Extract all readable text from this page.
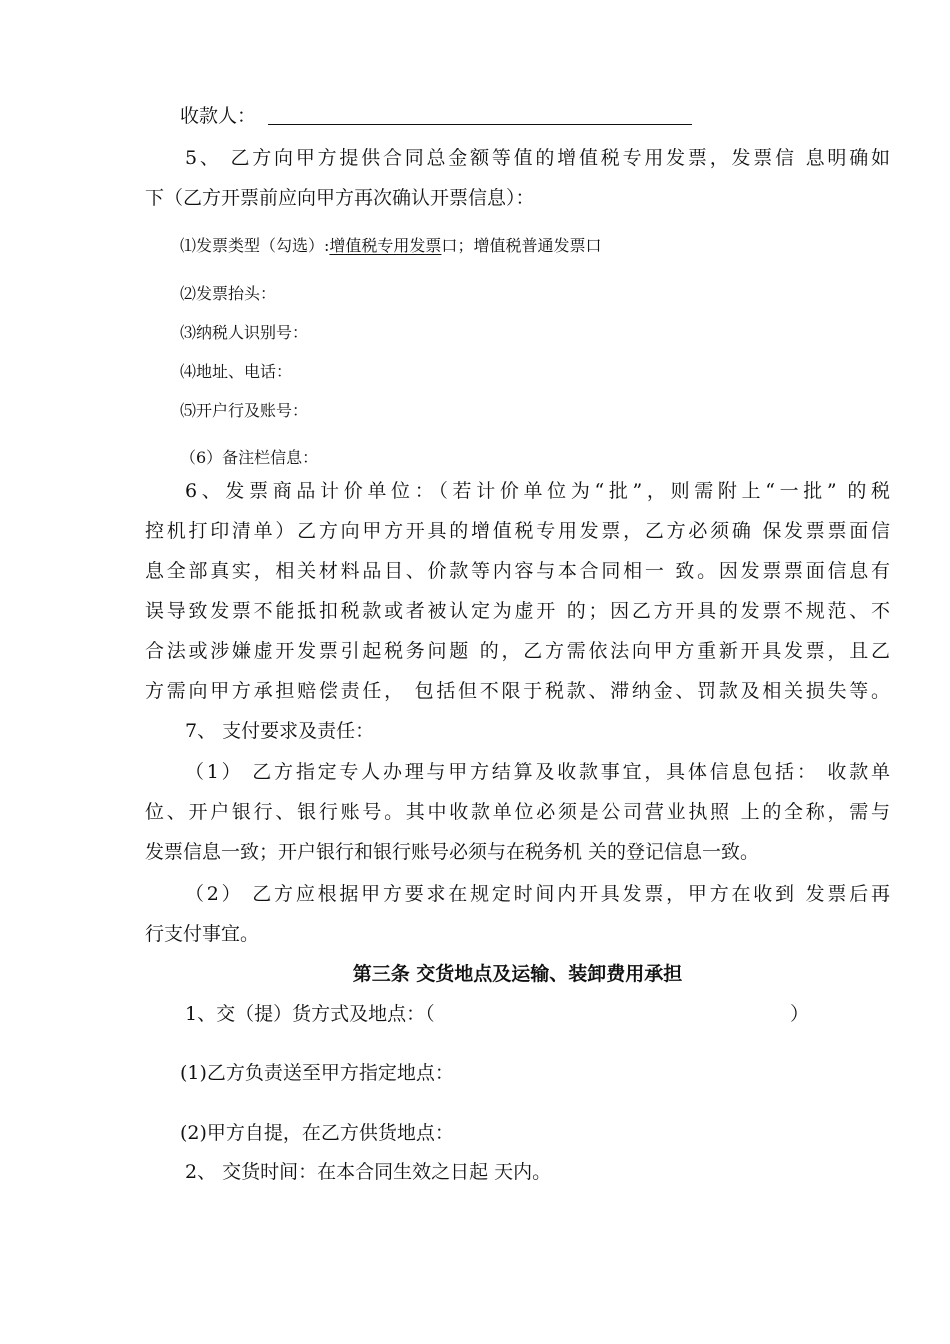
收款人：
5、 乙方向甲方提供合同总金额等值的增值税专用发票，发票信 息明确如
下（乙方开票前应向甲方再次确认开票信息）：
⑴发票类型（勾选）:增值税专用发票口；增值税普通发票口
⑵发票抬头：
⑶纳税人识别号：
⑷地址、电话：
⑸开户行及账号：
（6）备注栏信息：
6、发票商品计价单位：（若计价单位为“批”，则需附上“一批” 的税
控机打印清单）乙方向甲方开具的增值税专用发票，乙方必须确 保发票票面信
息全部真实，相关材料品目、价款等内容与本合同相一 致。因发票票面信息有
误导致发票不能抵扣税款或者被认定为虚开 的；因乙方开具的发票不规范、不
合法或涉嫌虚开发票引起税务问题 的，乙方需依法向甲方重新开具发票，且乙
方需向甲方承担赔偿责任， 包括但不限于税款、滞纳金、罚款及相关损失等。
7、 支付要求及责任：
（1） 乙方指定专人办理与甲方结算及收款事宜，具体信息包括： 收款单
位、开户银行、银行账号。其中收款单位必须是公司营业执照 上的全称，需与
发票信息一致；开户银行和银行账号必须与在税务机 关的登记信息一致。
（2） 乙方应根据甲方要求在规定时间内开具发票，甲方在收到 发票后再
行支付事宜。
第三条 交货地点及运输、装卸费用承担
1、交（提）货方式及地点：（	）
(1)乙方负责送至甲方指定地点：
(2)甲方自提，在乙方供货地点：
2、 交货时间：在本合同生效之日起 天内。
